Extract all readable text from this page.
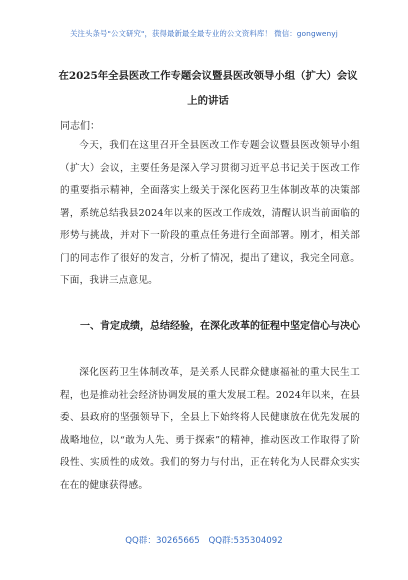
关注头条号"公文研究"，获得最新最全最专业的公文资料库！ 微信：gongwenyj
在2025年全县医改工作专题会议暨县医改领导小组（扩大）会议上的讲话
同志们：
今天，我们在这里召开全县医改工作专题会议暨县医改领导小组（扩大）会议，主要任务是深入学习贯彻习近平总书记关于医改工作的重要指示精神，全面落实上级关于深化医药卫生体制改革的决策部署，系统总结我县2024年以来的医改工作成效，清醒认识当前面临的形势与挑战，并对下一阶段的重点任务进行全面部署。刚才，相关部门的同志作了很好的发言，分析了情况，提出了建议，我完全同意。下面，我讲三点意见。
一、肯定成绩，总结经验，在深化改革的征程中坚定信心与决心
深化医药卫生体制改革，是关系人民群众健康福祉的重大民生工程，也是推动社会经济协调发展的重大发展工程。2024年以来，在县委、县政府的坚强领导下，全县上下始终将人民健康放在优先发展的战略地位，以“敢为人先、勇于探索”的精神，推动医改工作取得了阶段性、实质性的成效。我们的努力与付出，正在转化为人民群众实实在在的健康获得感。
QQ群：30265665 QQ群:535304092
